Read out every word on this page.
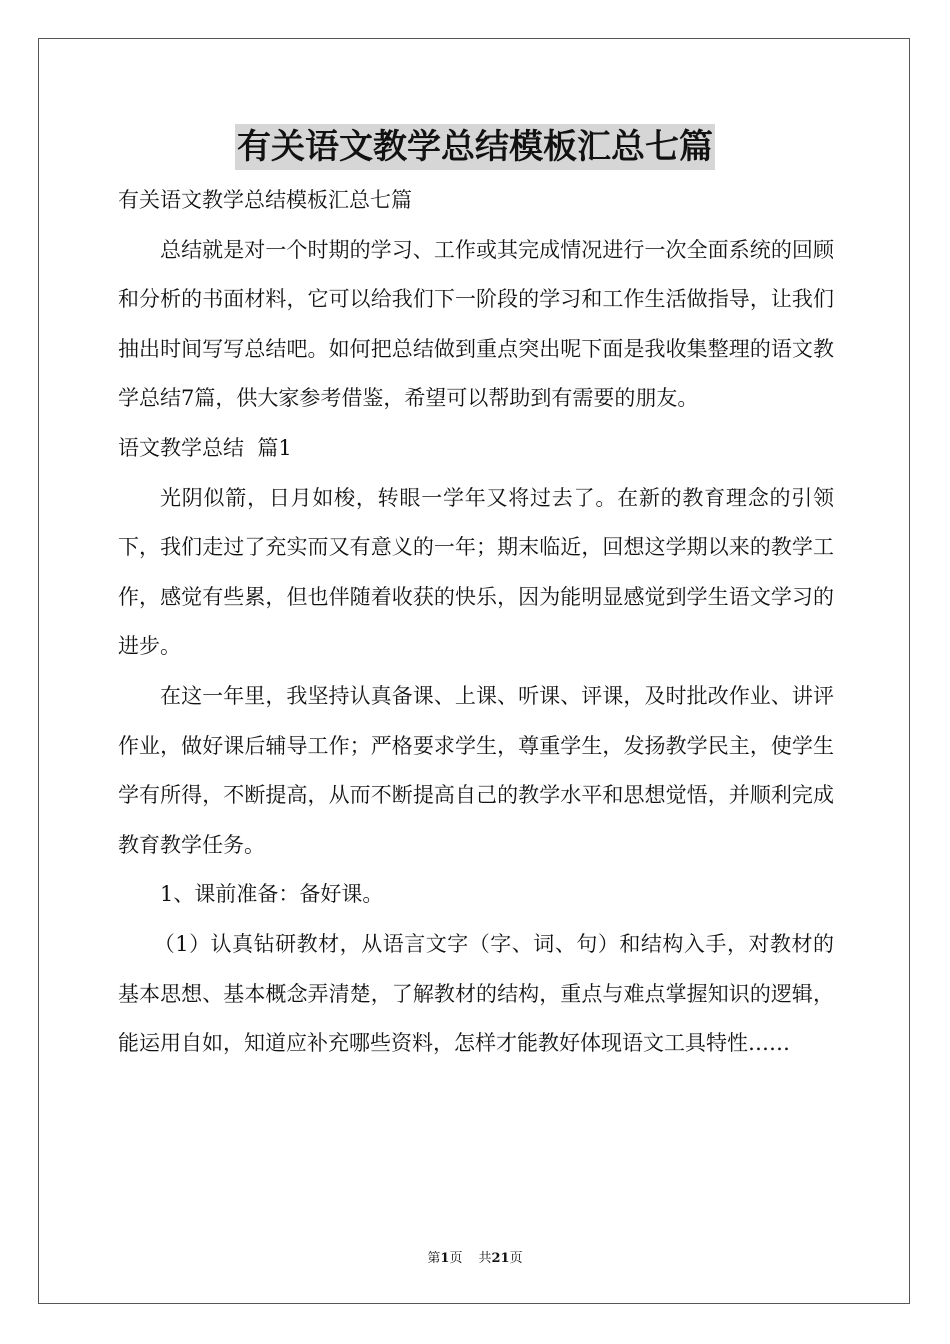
有关语文教学总结模板汇总七篇

有关语文教学总结模板汇总七篇

总结就是对一个时期的学习、工作或其完成情况进行一次全面系统的回顾和分析的书面材料，它可以给我们下一阶段的学习和工作生活做指导，让我们抽出时间写写总结吧。如何把总结做到重点突出呢下面是我收集整理的语文教学总结7篇，供大家参考借鉴，希望可以帮助到有需要的朋友。

语文教学总结  篇1

光阴似箭，日月如梭，转眼一学年又将过去了。在新的教育理念的引领下，我们走过了充实而又有意义的一年；期末临近，回想这学期以来的教学工作，感觉有些累，但也伴随着收获的快乐，因为能明显感觉到学生语文学习的进步。

在这一年里，我坚持认真备课、上课、听课、评课，及时批改作业、讲评作业，做好课后辅导工作；严格要求学生，尊重学生，发扬教学民主，使学生学有所得，不断提高，从而不断提高自己的教学水平和思想觉悟，并顺利完成教育教学任务。

1、课前准备：备好课。

（1）认真钻研教材，从语言文字（字、词、句）和结构入手，对教材的基本思想、基本概念弄清楚，了解教材的结构，重点与难点掌握知识的逻辑，能运用自如，知道应补充哪些资料，怎样才能教好体现语文工具特性……

第1页 共21页
